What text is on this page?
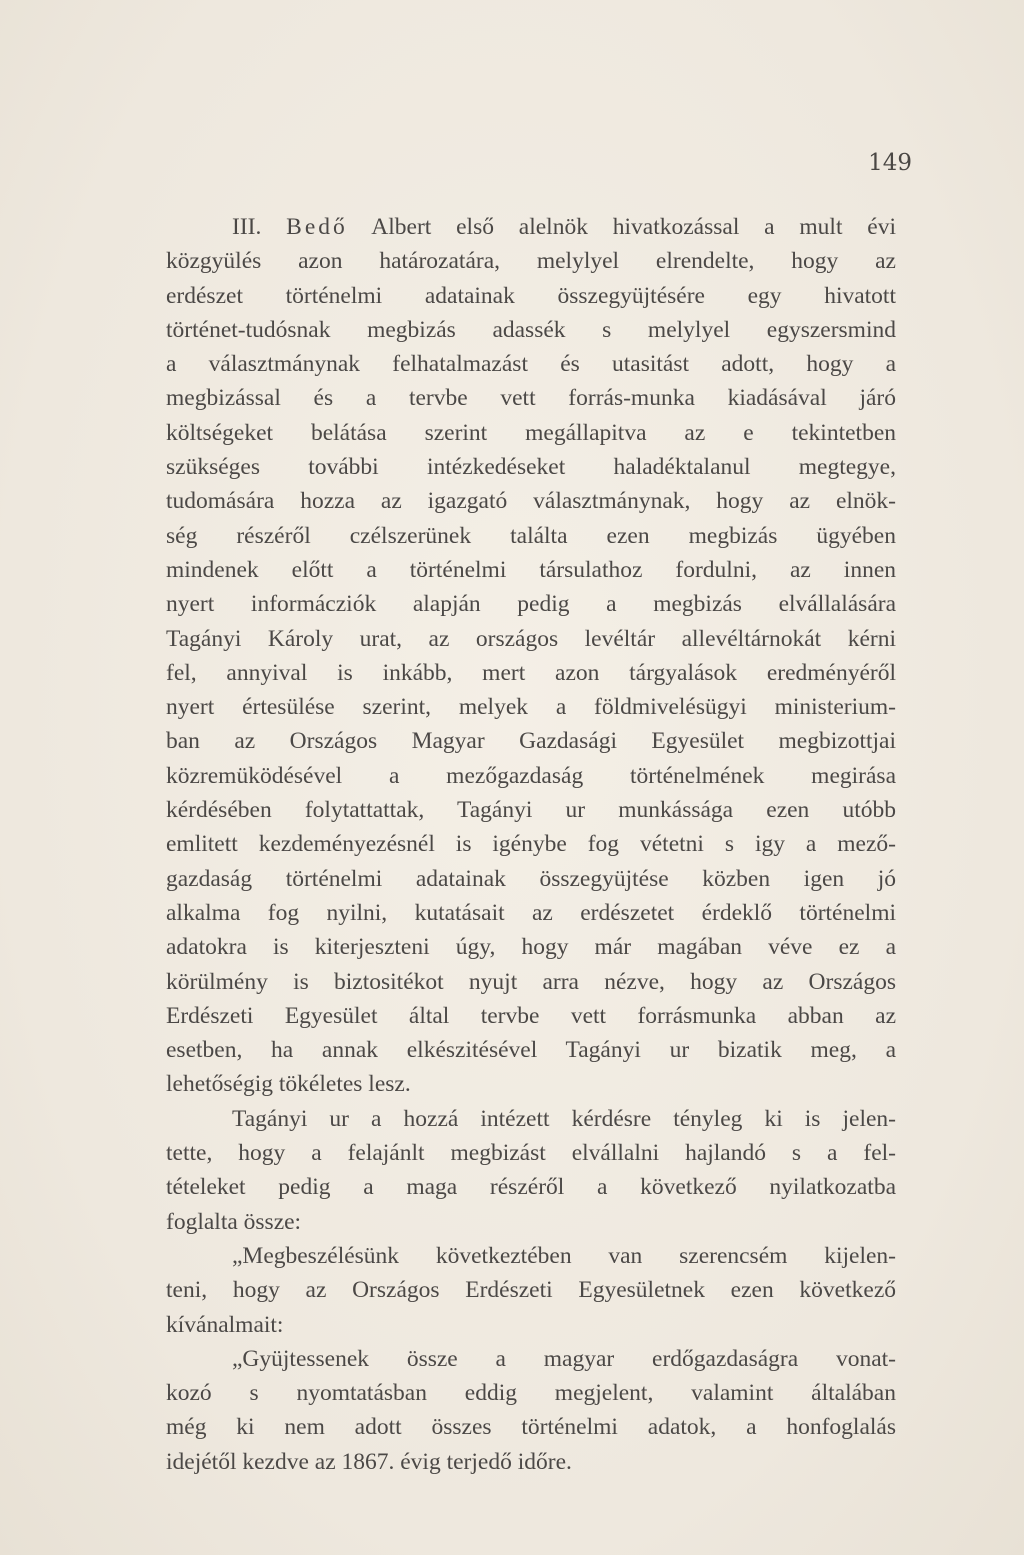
149
III. Bedő Albert első alelnök hivatkozással a mult évi
közgyülés azon határozatára, melylyel elrendelte, hogy az
erdészet történelmi adatainak összegyüjtésére egy hivatott
történet-tudósnak megbizás adassék s melylyel egyszersmind
a választmánynak felhatalmazást és utasitást adott, hogy a
megbizással és a tervbe vett forrás-munka kiadásával járó
költségeket belátása szerint megállapitva az e tekintetben
szükséges további intézkedéseket haladéktalanul megtegye,
tudomására hozza az igazgató választmánynak, hogy az elnök-
ség részéről czélszerünek találta ezen megbizás ügyében
mindenek előtt a történelmi társulathoz fordulni, az innen
nyert informácziók alapján pedig a megbizás elvállalására
Tagányi Károly urat, az országos levéltár allevéltárnokát kérni
fel, annyival is inkább, mert azon tárgyalások eredményéről
nyert értesülése szerint, melyek a földmivelésügyi ministerium-
ban az Országos Magyar Gazdasági Egyesület megbizottjai
közremüködésével a mezőgazdaság történelmének megirása
kérdésében folytattattak, Tagányi ur munkássága ezen utóbb
emlitett kezdeményezésnél is igénybe fog vétetni s igy a mező-
gazdaság történelmi adatainak összegyüjtése közben igen jó
alkalma fog nyilni, kutatásait az erdészetet érdeklő történelmi
adatokra is kiterjeszteni úgy, hogy már magában véve ez a
körülmény is biztositékot nyujt arra nézve, hogy az Országos
Erdészeti Egyesület által tervbe vett forrásmunka abban az
esetben, ha annak elkészitésével Tagányi ur bizatik meg, a
lehetőségig tökéletes lesz.
Tagányi ur a hozzá intézett kérdésre tényleg ki is jelen-
tette, hogy a felajánlt megbizást elvállalni hajlandó s a fel-
tételeket pedig a maga részéről a következő nyilatkozatba
foglalta össze:
„Megbeszélésünk következtében van szerencsém kijelen-
teni, hogy az Országos Erdészeti Egyesületnek ezen következő
kívánalmait:
„Gyüjtessenek össze a magyar erdőgazdaságra vonat-
kozó s nyomtatásban eddig megjelent, valamint általában
még ki nem adott összes történelmi adatok, a honfoglalás
idejétől kezdve az 1867. évig terjedő időre.
